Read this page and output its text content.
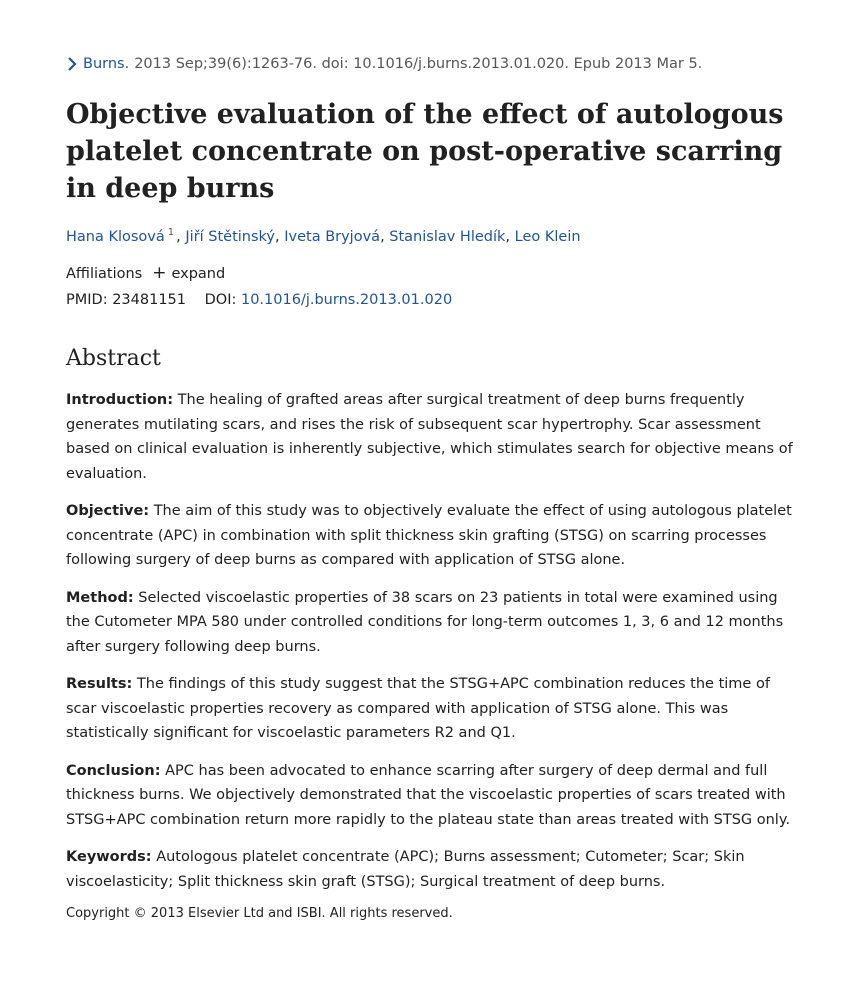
Burns. 2013 Sep;39(6):1263-76. doi: 10.1016/j.burns.2013.01.020. Epub 2013 Mar 5.
Objective evaluation of the effect of autologous platelet concentrate on post-operative scarring in deep burns
Hana Klosová $^1$ , Jiří Stětinský, Iveta Bryjová, Stanislav Hledík, Leo Klein
Affiliations + expand
PMID: 23481151 DOI: 10.1016/j.burns.2013.01.020
Abstract

Introduction: The healing of grafted areas after surgical treatment of deep burns frequently generates mutilating scars, and rises the risk of subsequent scar hypertrophy. Scar assessment based on clinical evaluation is inherently subjective, which stimulates search for objective means of evaluation.

Objective: The aim of this study was to objectively evaluate the effect of using autologous platelet concentrate (APC) in combination with split thickness skin grafting (STSG) on scarring processes following surgery of deep burns as compared with application of STSG alone.

Method: Selected viscoelastic properties of 38 scars on 23 patients in total were examined using the Cutometer MPA 580 under controlled conditions for long-term outcomes 1, 3, 6 and 12 months after surgery following deep burns.

Results: The findings of this study suggest that the STSG+APC combination reduces the time of scar viscoelastic properties recovery as compared with application of STSG alone. This was statistically significant for viscoelastic parameters R2 and Q1.

Conclusion: APC has been advocated to enhance scarring after surgery of deep dermal and full thickness burns. We objectively demonstrated that the viscoelastic properties of scars treated with STSG+APC combination return more rapidly to the plateau state than areas treated with STSG only.

Keywords: Autologous platelet concentrate (APC); Burns assessment; Cutometer; Scar; Skin viscoelasticity; Split thickness skin graft (STSG); Surgical treatment of deep burns.

Copyright © 2013 Elsevier Ltd and ISBI. All rights reserved.
